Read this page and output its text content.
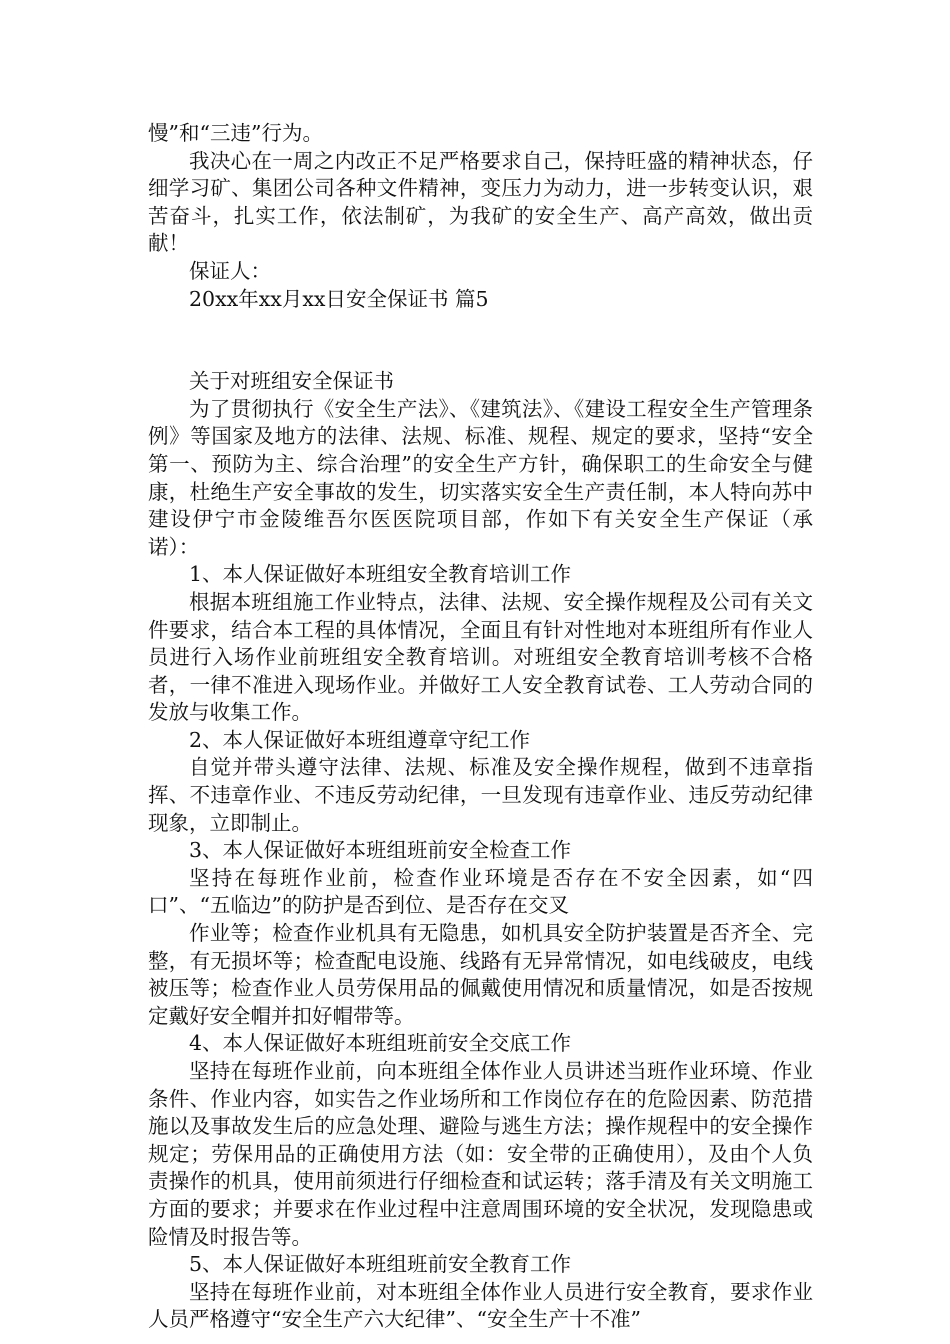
慢”和“三违”行为。

我决心在一周之内改正不足严格要求自己，保持旺盛的精神状态，仔细学习矿、集团公司各种文件精神，变压力为动力，进一步转变认识，艰苦奋斗，扎实工作，依法制矿，为我矿的安全生产、高产高效，做出贡献！

保证人：

20xx年xx月xx日安全保证书 篇5

关于对班组安全保证书

为了贯彻执行《安全生产法》、《建筑法》、《建设工程安全生产管理条例》等国家及地方的法律、法规、标准、规程、规定的要求，坚持“安全第一、预防为主、综合治理”的安全生产方针，确保职工的生命安全与健康，杜绝生产安全事故的发生，切实落实安全生产责任制，本人特向苏中建设伊宁市金陵维吾尔医医院项目部，作如下有关安全生产保证（承诺）：

1、本人保证做好本班组安全教育培训工作

根据本班组施工作业特点，法律、法规、安全操作规程及公司有关文件要求，结合本工程的具体情况，全面且有针对性地对本班组所有作业人员进行入场作业前班组安全教育培训。对班组安全教育培训考核不合格者，一律不准进入现场作业。并做好工人安全教育试卷、工人劳动合同的发放与收集工作。

2、本人保证做好本班组遵章守纪工作

自觉并带头遵守法律、法规、标准及安全操作规程，做到不违章指挥、不违章作业、不违反劳动纪律，一旦发现有违章作业、违反劳动纪律现象，立即制止。

3、本人保证做好本班组班前安全检查工作

坚持在每班作业前，检查作业环境是否存在不安全因素，如“四口”、“五临边”的防护是否到位、是否存在交叉

作业等；检查作业机具有无隐患，如机具安全防护装置是否齐全、完整，有无损坏等；检查配电设施、线路有无异常情况，如电线破皮，电线被压等；检查作业人员劳保用品的佩戴使用情况和质量情况，如是否按规定戴好安全帽并扣好帽带等。

4、本人保证做好本班组班前安全交底工作

坚持在每班作业前，向本班组全体作业人员讲述当班作业环境、作业条件、作业内容，如实告之作业场所和工作岗位存在的危险因素、防范措施以及事故发生后的应急处理、避险与逃生方法；操作规程中的安全操作规定；劳保用品的正确使用方法（如：安全带的正确使用），及由个人负责操作的机具，使用前须进行仔细检查和试运转；落手清及有关文明施工方面的要求；并要求在作业过程中注意周围环境的安全状况，发现隐患或险情及时报告等。

5、本人保证做好本班组班前安全教育工作

坚持在每班作业前，对本班组全体作业人员进行安全教育，要求作业人员严格遵守“安全生产六大纪律”、“安全生产十不准”
